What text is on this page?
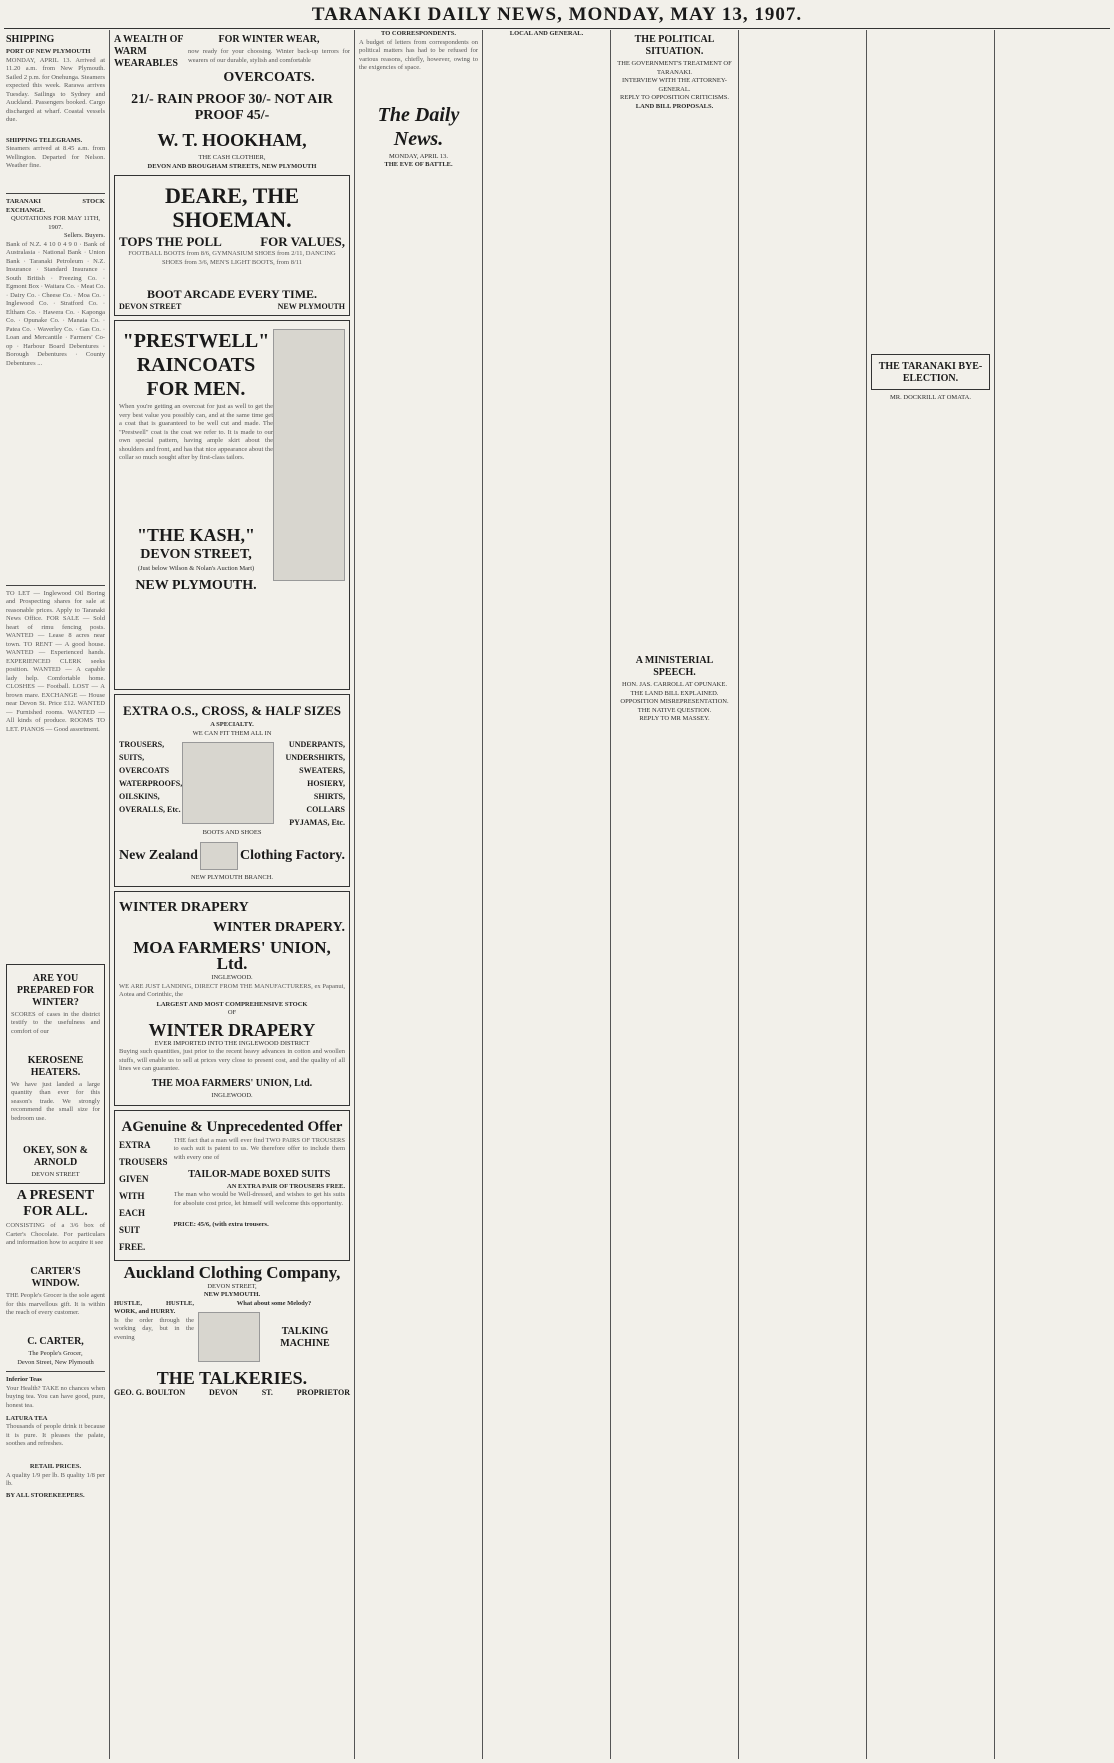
TARANAKI DAILY NEWS, MONDAY, MAY 13, 1907.
SHIPPING
PORT OF NEW PLYMOUTH
MONDAY, APRIL 13. Arrived at 11.20 a.m. from New Plymouth. Sailed 2 p.m. for Onehunga. Steamers expected this week. Rarawa arrives Tuesday. Sailings to Sydney and Auckland. Passengers booked. Cargo discharged at wharf. Coastal vessels due.
SHIPPING TELEGRAMS.
Steamers arrived at 8.45 a.m. from Wellington. Departed for Nelson. Weather fine.
TARANAKI STOCK EXCHANGE.
QUOTATIONS FOR MAY 11TH, 1907.
Sellers. Buyers.
Bank of N.Z. 4 10 0 4 9 0 · Bank of Australasia · National Bank · Union Bank · Taranaki Petroleum · N.Z. Insurance · Standard Insurance · South British · Freezing Co. · Egmont Box · Waitara Co. · Meat Co. · Dairy Co. · Cheese Co. · Moa Co. · Inglewood Co. · Stratford Co. · Eltham Co. · Hawera Co. · Kaponga Co. · Opunake Co. · Manaia Co. · Patea Co. · Waverley Co. · Gas Co. · Loan and Mercantile · Farmers' Co-op · Harbour Board Debentures · Borough Debentures · County Debentures ...
TO LET — Inglewood Oil Boring and Prospecting shares for sale at reasonable prices. Apply to Taranaki News Office. FOR SALE — Sold heart of rimu fencing posts. WANTED — Lease 8 acres near town. TO RENT — A good house. WANTED — Experienced hands. EXPERIENCED CLERK seeks position. WANTED — A capable lady help. Comfortable home. CLOSHES — Football. LOST — A brown mare. EXCHANGE — House near Devon St. Price £12. WANTED — Furnished rooms. WANTED — All kinds of produce. ROOMS TO LET. PIANOS — Good assortment.
ARE YOU PREPARED FOR WINTER?
SCORES of cases in the district testify to the usefulness and comfort of our
KEROSENE HEATERS.
We have just landed a large quantity than ever for this season's trade. We strongly recommend the small size for bedroom use.
OKEY, SON & ARNOLD
DEVON STREET
A PRESENT FOR ALL.
CONSISTING of a 3/6 box of Carter's Chocolate. For particulars and information how to acquire it see
CARTER'S WINDOW.
THE People's Grocer is the sole agent for this marvellous gift. It is within the reach of every customer.
C. CARTER,
The People's Grocer,
Devon Street, New Plymouth
Inferior Teas
Your Health? TAKE no chances when buying tea. You can have good, pure, honest tea.
LATURA TEA
Thousands of people drink it because it is pure. It pleases the palate, soothes and refreshes.
RETAIL PRICES.
A quality 1/9 per lb. B quality 1/8 per lb.
BY ALL STOREKEEPERS.
A WEALTH OF WARM WEARABLES
FOR WINTER WEAR,
now ready for your choosing. Winter back-up terrors for wearers of our durable, stylish and comfortable
OVERCOATS.
21/- RAIN PROOF 30/- NOT AIR PROOF 45/-
W. T. HOOKHAM,
THE CASH CLOTHIER,
DEVON AND BROUGHAM STREETS, NEW PLYMOUTH
DEARE, THE SHOEMAN.
TOPS THE POLL	FOR VALUES,
FOOTBALL BOOTS from 8/6, GYMNASIUM SHOES from 2/11, DANCING SHOES from 3/6, MEN'S LIGHT BOOTS, from 8/11
BOOT ARCADE EVERY TIME.
DEVON STREET	NEW PLYMOUTH
"PRESTWELL" RAINCOATS FOR MEN.
When you're getting an overcoat for just as well to get the very best value you possibly can, and at the same time get a coat that is guaranteed to be well cut and made. The "Prestwell" coat is the coat we refer to. It is made to our own special pattern, having ample skirt about the shoulders and front, and has that nice appearance about the collar so much sought after by first-class tailors.
"THE KASH,"
DEVON STREET,
(Just below Wilson & Nolan's Auction Mart)
NEW PLYMOUTH.
EXTRA O.S., CROSS, & HALF SIZES
A SPECIALTY.
WE CAN FIT THEM ALL IN
TROUSERS,
SUITS,
OVERCOATS
WATERPROOFS,
OILSKINS,
OVERALLS, Etc.
UNDERPANTS,
UNDERSHIRTS,
SWEATERS,
HOSIERY,
SHIRTS, COLLARS
PYJAMAS, Etc.
BOOTS AND SHOES
New Zealand	Clothing Factory.
NEW PLYMOUTH BRANCH.
WINTER DRAPERY
WINTER DRAPERY.
MOA FARMERS' UNION, Ltd.
INGLEWOOD.
WE ARE JUST LANDING, DIRECT FROM THE MANUFACTURERS, ex Papanui, Aotea and Corinthic, the
LARGEST AND MOST COMPREHENSIVE STOCK
OF
WINTER DRAPERY
EVER IMPORTED INTO THE INGLEWOOD DISTRICT
Buying such quantities, just prior to the recent heavy advances in cotton and woollen stuffs, will enable us to sell at prices very close to present cost, and the quality of all lines we can guarantee.
THE MOA FARMERS' UNION, Ltd.
INGLEWOOD.
AGenuine & Unprecedented Offer
EXTRA
TROUSERS
GIVEN
WITH
EACH
SUIT
FREE.
THE fact that a man will ever find TWO PAIRS OF TROUSERS to each suit is patent to us. We therefore offer to include them with every one of
TAILOR-MADE BOXED SUITS
AN EXTRA PAIR OF TROUSERS FREE.
The man who would be Well-dressed, and wishes to get his suits for absolute cost price, let himself will welcome this opportunity.
PRICE: 45/6, (with extra trousers.
Auckland Clothing Company,
DEVON STREET,
NEW PLYMOUTH.
HUSTLE, HUSTLE, WORK, and HURRY.
Is the order through the working day, but in the evening
What about some Melody?
TALKING MACHINE
THE TALKERIES.
GEO. G. BOULTON	DEVON	ST.	PROPRIETOR
TO CORRESPONDENTS.
A budget of letters from correspondents on political matters has had to be refused for various reasons, chiefly, however, owing to the exigencies of space.
The Daily News.
MONDAY, APRIL 13.
THE EVE OF BATTLE.
LOCAL AND GENERAL.
THE POLITICAL SITUATION.
THE GOVERNMENT'S TREATMENT OF TARANAKI.
INTERVIEW WITH THE ATTORNEY-GENERAL.
REPLY TO OPPOSITION CRITICISMS.
LAND BILL PROPOSALS.
A MINISTERIAL SPEECH.
HON. JAS. CARROLL AT OPUNAKE.
THE LAND BILL EXPLAINED.
OPPOSITION MISREPRESENTATION.
THE NATIVE QUESTION.
REPLY TO MR MASSEY.
THE TARANAKI BYE-ELECTION.
MR. DOCKRILL AT OMATA.
